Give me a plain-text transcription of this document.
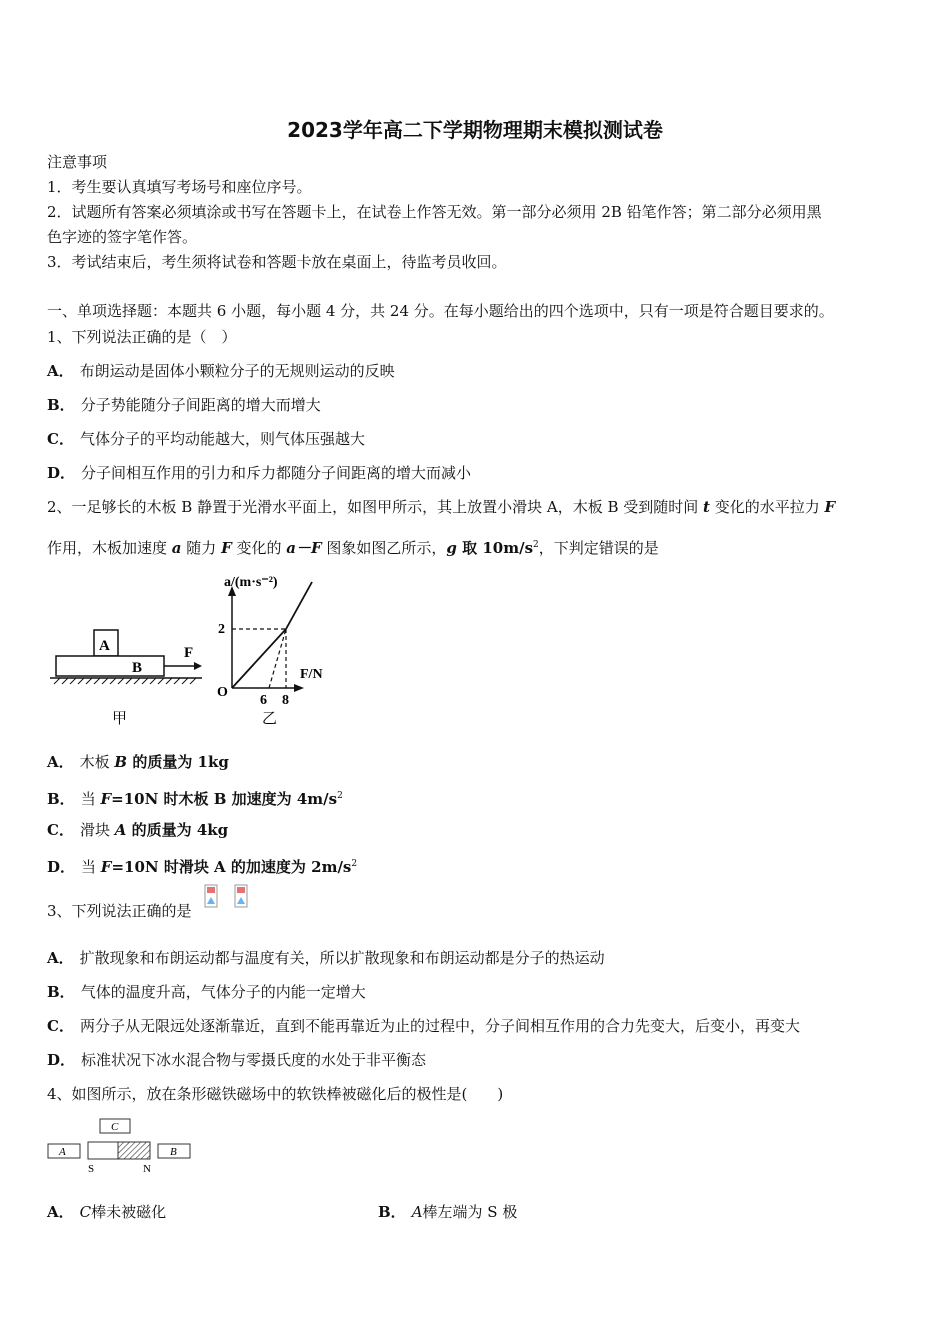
2023学年高二下学期物理期末模拟测试卷
注意事项
1．考生要认真填写考场号和座位序号。
2．试题所有答案必须填涂或书写在答题卡上，在试卷上作答无效。第一部分必须用 2B 铅笔作答；第二部分必须用黑
色字迹的签字笔作答。
3．考试结束后，考生须将试卷和答题卡放在桌面上，待监考员收回。
一、单项选择题：本题共 6 小题，每小题 4 分，共 24 分。在每小题给出的四个选项中，只有一项是符合题目要求的。
1、下列说法正确的是（　）
A． 布朗运动是固体小颗粒分子的无规则运动的反映
B． 分子势能随分子间距离的增大而增大
C． 气体分子的平均动能越大，则气体压强越大
D． 分子间相互作用的引力和斥力都随分子间距离的增大而减小
2、一足够长的木板 B 静置于光滑水平面上，如图甲所示，其上放置小滑块 A，木板 B 受到随时间 t 变化的水平拉力 F
作用，木板加速度 a 随力 F 变化的 a－F 图象如图乙所示，g 取 $10m/s^2$，下判定错误的是
A
B
F
甲
a/(m·s⁻²)
F/N
O
2
6 8
乙
A． 木板 B 的质量为 1kg
B． 当 F=10N 时木板 B 加速度为 $4m/s^2$
C． 滑块 A 的质量为 4kg
D． 当 F=10N 时滑块 A 的加速度为 $2m/s^2$
3、下列说法正确的是
A． 扩散现象和布朗运动都与温度有关，所以扩散现象和布朗运动都是分子的热运动
B． 气体的温度升高，气体分子的内能一定增大
C． 两分子从无限远处逐渐靠近，直到不能再靠近为止的过程中，分子间相互作用的合力先变大，后变小，再变大
D． 标准状况下冰水混合物与零摄氏度的水处于非平衡态
4、如图所示，放在条形磁铁磁场中的软铁棒被磁化后的极性是(　　)
C
A	B
S	N
A． C棒未被磁化	B． A棒左端为 S 极
